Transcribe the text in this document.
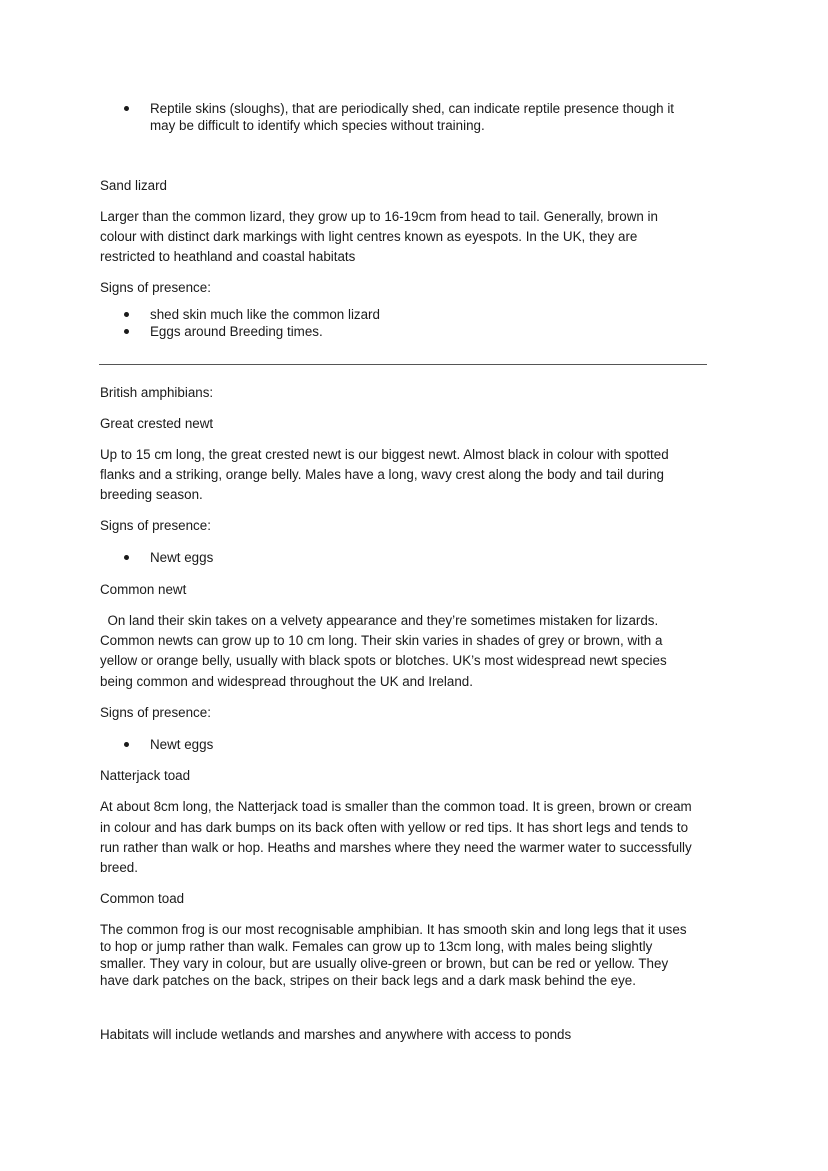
Reptile skins (sloughs), that are periodically shed, can indicate reptile presence though it
may be difficult to identify which species without training.
Sand lizard
Larger than the common lizard, they grow up to 16-19cm from head to tail. Generally, brown in
colour with distinct dark markings with light centres known as eyespots. In the UK, they are
restricted to heathland and coastal habitats
Signs of presence:
shed skin much like the common lizard
Eggs around Breeding times.
British amphibians:
Great crested newt
Up to 15 cm long, the great crested newt is our biggest newt. Almost black in colour with spotted
flanks and a striking, orange belly. Males have a long, wavy crest along the body and tail during
breeding season.
Signs of presence:
Newt eggs
Common newt
On land their skin takes on a velvety appearance and they’re sometimes mistaken for lizards.
Common newts can grow up to 10 cm long. Their skin varies in shades of grey or brown, with a
yellow or orange belly, usually with black spots or blotches. UK’s most widespread newt species
being common and widespread throughout the UK and Ireland.
Signs of presence:
Newt eggs
Natterjack toad
At about 8cm long, the Natterjack toad is smaller than the common toad. It is green, brown or cream
in colour and has dark bumps on its back often with yellow or red tips. It has short legs and tends to
run rather than walk or hop. Heaths and marshes where they need the warmer water to successfully
breed.
Common toad
The common frog is our most recognisable amphibian. It has smooth skin and long legs that it uses
to hop or jump rather than walk. Females can grow up to 13cm long, with males being slightly
smaller. They vary in colour, but are usually olive-green or brown, but can be red or yellow. They
have dark patches on the back, stripes on their back legs and a dark mask behind the eye.
Habitats will include wetlands and marshes and anywhere with access to ponds
